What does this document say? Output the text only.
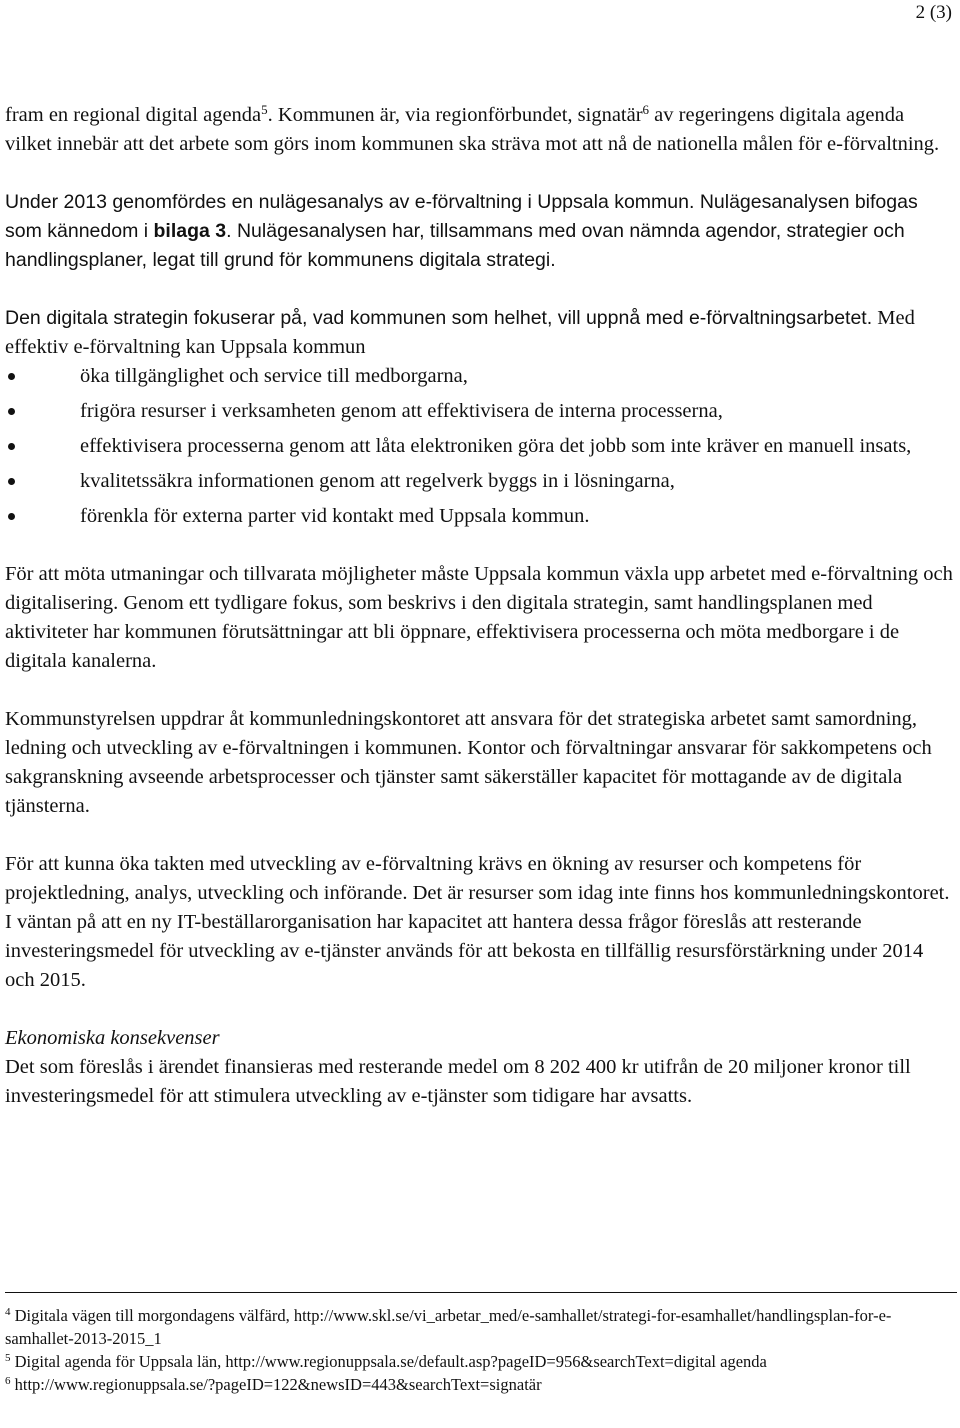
2 (3)

fram en regional digital agenda$^5$. Kommunen är, via regionförbundet, signatär$^6$ av regeringens digitala agenda vilket innebär att det arbete som görs inom kommunen ska sträva mot att nå de nationella målen för e-förvaltning.

Under 2013 genomfördes en nulägesanalys av e-förvaltning i Uppsala kommun. Nulägesanalysen bifogas som kännedom i bilaga 3. Nulägesanalysen har, tillsammans med ovan nämnda agendor, strategier och handlingsplaner, legat till grund för kommunens digitala strategi.

Den digitala strategin fokuserar på, vad kommunen som helhet, vill uppnå med e-förvaltningsarbetet. Med effektiv e-förvaltning kan Uppsala kommun

öka tillgänglighet och service till medborgarna,
frigöra resurser i verksamheten genom att effektivisera de interna processerna,
effektivisera processerna genom att låta elektroniken göra det jobb som inte kräver en manuell insats,
kvalitetssäkra informationen genom att regelverk byggs in i lösningarna,
förenkla för externa parter vid kontakt med Uppsala kommun.

För att möta utmaningar och tillvarata möjligheter måste Uppsala kommun växla upp arbetet med e-förvaltning och digitalisering. Genom ett tydligare fokus, som beskrivs i den digitala strategin, samt handlingsplanen med aktiviteter har kommunen förutsättningar att bli öppnare, effektivisera processerna och möta medborgare i de digitala kanalerna.

Kommunstyrelsen uppdrar åt kommunledningskontoret att ansvara för det strategiska arbetet samt samordning, ledning och utveckling av e-förvaltningen i kommunen. Kontor och förvaltningar ansvarar för sakkompetens och sakgranskning avseende arbetsprocesser och tjänster samt säkerställer kapacitet för mottagande av de digitala tjänsterna.

För att kunna öka takten med utveckling av e-förvaltning krävs en ökning av resurser och kompetens för projektledning, analys, utveckling och införande. Det är resurser som idag inte finns hos kommunledningskontoret. I väntan på att en ny IT-beställarorganisation har kapacitet att hantera dessa frågor föreslås att resterande investeringsmedel för utveckling av e-tjänster används för att bekosta en tillfällig resursförstärkning under 2014 och 2015.

Ekonomiska konsekvenser

Det som föreslås i ärendet finansieras med resterande medel om 8 202 400 kr utifrån de 20 miljoner kronor till investeringsmedel för att stimulera utveckling av e-tjänster som tidigare har avsatts.

$^4$ Digitala vägen till morgondagens välfärd, http://www.skl.se/vi_arbetar_med/e-samhallet/strategi-for-esamhallet/handlingsplan-for-e-samhallet-2013-2015_1

$^5$ Digital agenda för Uppsala län, http://www.regionuppsala.se/default.asp?pageID=956&searchText=digital agenda

$^6$ http://www.regionuppsala.se/?pageID=122&newsID=443&searchText=signatär
